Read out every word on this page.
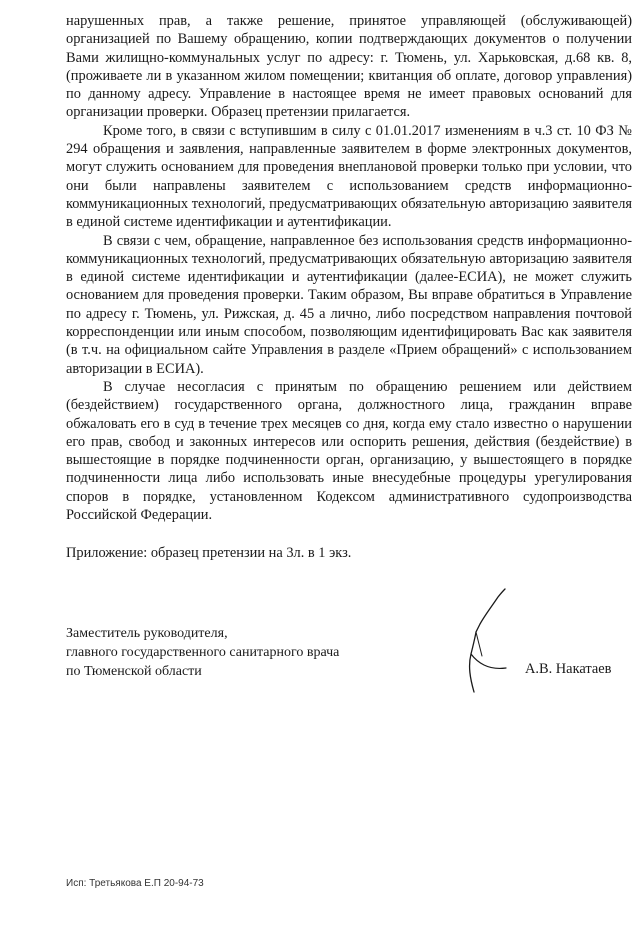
нарушенных прав, а также решение, принятое управляющей (обслуживающей) организацией по Вашему обращению, копии подтверждающих документов о получении Вами жилищно-коммунальных услуг по адресу: г. Тюмень, ул. Харьковская, д.68 кв. 8, (проживаете ли в указанном жилом помещении; квитанция об оплате, договор управления) по данному адресу. Управление в настоящее время не имеет правовых оснований для организации проверки. Образец претензии прилагается.

Кроме того, в связи с вступившим в силу с 01.01.2017 изменениям в ч.3 ст. 10 ФЗ № 294 обращения и заявления, направленные заявителем в форме электронных документов, могут служить основанием для проведения внеплановой проверки только при условии, что они были направлены заявителем с использованием средств информационно-коммуникационных технологий, предусматривающих обязательную авторизацию заявителя в единой системе идентификации и аутентификации.

В связи с чем, обращение, направленное без использования средств информационно-коммуникационных технологий, предусматривающих обязательную авторизацию заявителя в единой системе идентификации и аутентификации (далее-ЕСИА), не может служить основанием для проведения проверки. Таким образом, Вы вправе обратиться в Управление по адресу г. Тюмень, ул. Рижская, д. 45 а лично, либо посредством направления почтовой корреспонденции или иным способом, позволяющим идентифицировать Вас как заявителя (в т.ч. на официальном сайте Управления в разделе «Прием обращений» с использованием авторизации в ЕСИА).

В случае несогласия с принятым по обращению решением или действием (бездействием) государственного органа, должностного лица, гражданин вправе обжаловать его в суд в течение трех месяцев со дня, когда ему стало известно о нарушении его прав, свобод и законных интересов или оспорить решения, действия (бездействие) в вышестоящие в порядке подчиненности орган, организацию, у вышестоящего в порядке подчиненности лица либо использовать иные внесудебные процедуры урегулирования споров в порядке, установленном Кодексом административного судопроизводства Российской Федерации.

Приложение: образец претензии на 3л. в 1 экз.

Заместитель руководителя,
главного государственного санитарного врача
по Тюменской области	А.В. Накатаев
Исп: Третьякова Е.П 20-94-73
